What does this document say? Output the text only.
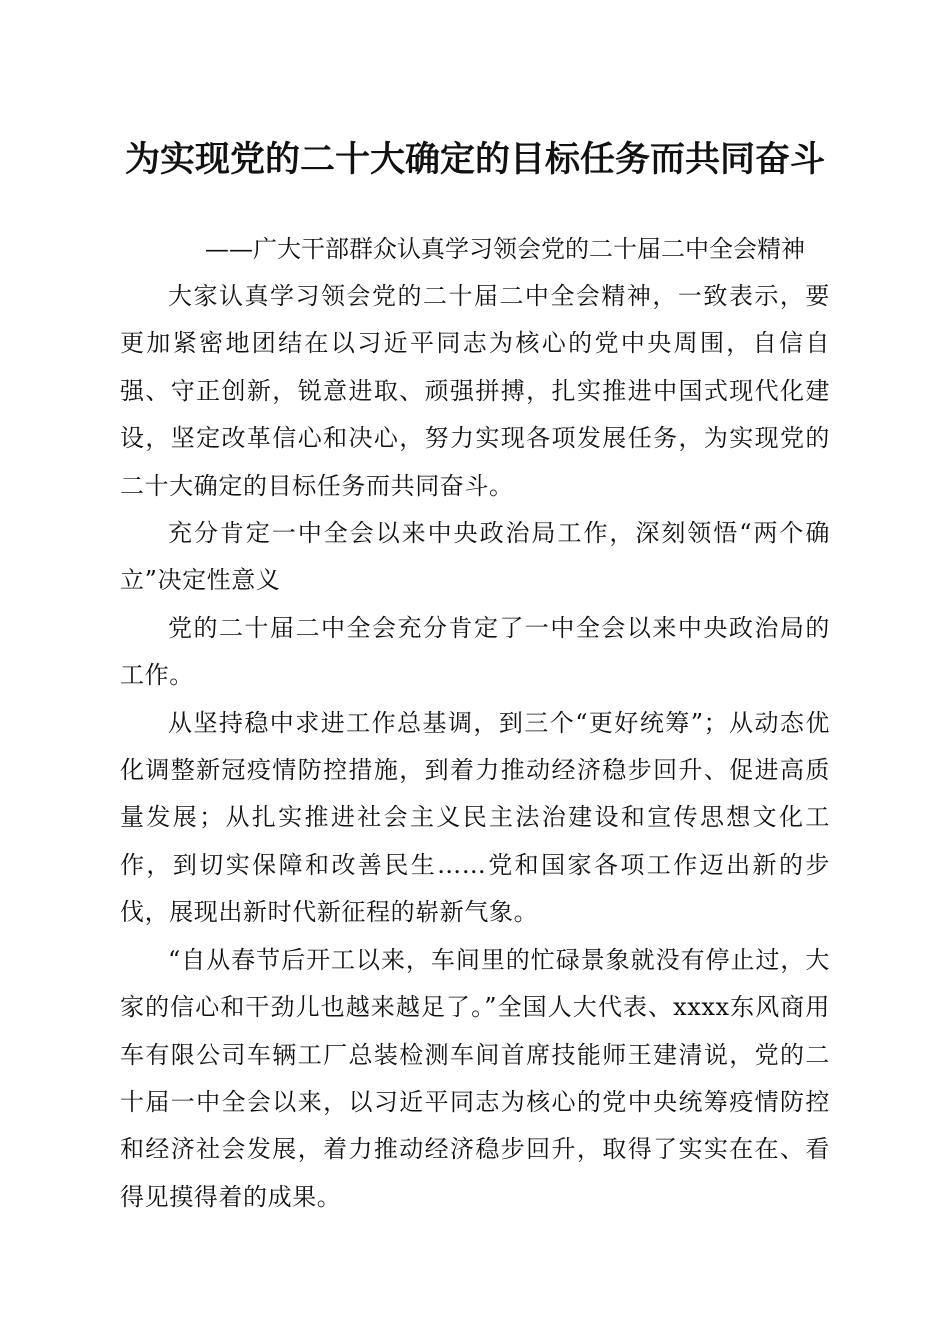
为实现党的二十大确定的目标任务而共同奋斗

——广大干部群众认真学习领会党的二十届二中全会精神

大家认真学习领会党的二十届二中全会精神，一致表示，要更加紧密地团结在以习近平同志为核心的党中央周围，自信自强、守正创新，锐意进取、顽强拼搏，扎实推进中国式现代化建设，坚定改革信心和决心，努力实现各项发展任务，为实现党的二十大确定的目标任务而共同奋斗。

充分肯定一中全会以来中央政治局工作，深刻领悟“两个确立”决定性意义

党的二十届二中全会充分肯定了一中全会以来中央政治局的工作。

从坚持稳中求进工作总基调，到三个“更好统筹”；从动态优化调整新冠疫情防控措施，到着力推动经济稳步回升、促进高质量发展；从扎实推进社会主义民主法治建设和宣传思想文化工作，到切实保障和改善民生……党和国家各项工作迈出新的步伐，展现出新时代新征程的崭新气象。

“自从春节后开工以来，车间里的忙碌景象就没有停止过，大家的信心和干劲儿也越来越足了。”全国人大代表、xxxx东风商用车有限公司车辆工厂总装检测车间首席技能师王建清说，党的二十届一中全会以来，以习近平同志为核心的党中央统筹疫情防控和经济社会发展，着力推动经济稳步回升，取得了实实在在、看得见摸得着的成果。
